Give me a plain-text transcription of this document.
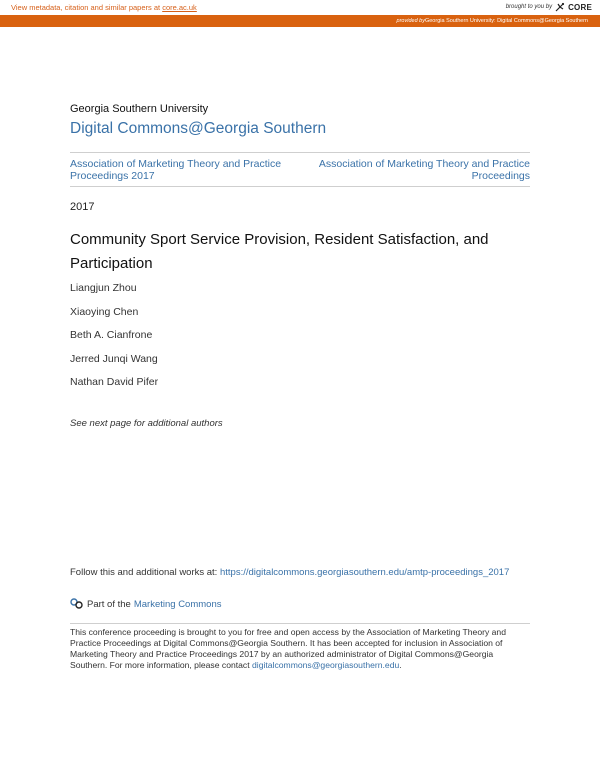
View metadata, citation and similar papers at core.ac.uk	brought to you by CORE
provided by Georgia Southern University: Digital Commons@Georgia Southern
Georgia Southern University
Digital Commons@Georgia Southern
Association of Marketing Theory and Practice Proceedings 2017
Association of Marketing Theory and Practice Proceedings
2017
Community Sport Service Provision, Resident Satisfaction, and Participation
Liangjun Zhou
Xiaoying Chen
Beth A. Cianfrone
Jerred Junqi Wang
Nathan David Pifer
See next page for additional authors
Follow this and additional works at: https://digitalcommons.georgiasouthern.edu/amtp-proceedings_2017
Part of the Marketing Commons
This conference proceeding is brought to you for free and open access by the Association of Marketing Theory and Practice Proceedings at Digital Commons@Georgia Southern. It has been accepted for inclusion in Association of Marketing Theory and Practice Proceedings 2017 by an authorized administrator of Digital Commons@Georgia Southern. For more information, please contact digitalcommons@georgiasouthern.edu.
